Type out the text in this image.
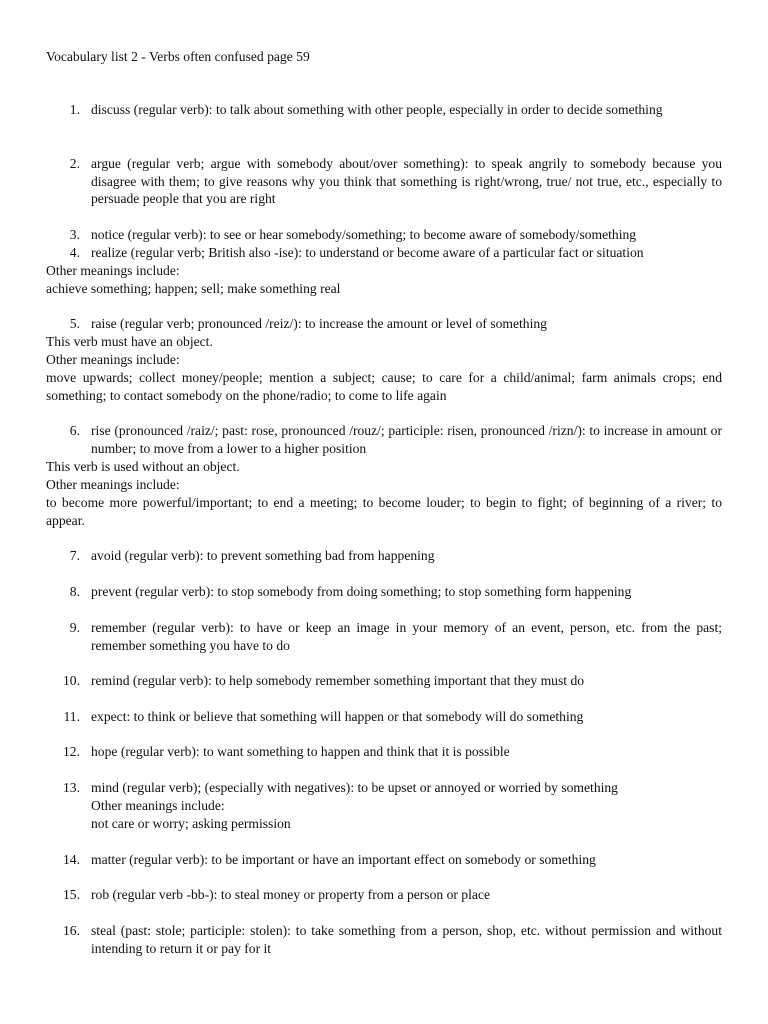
Vocabulary list 2 - Verbs often confused page 59
1. discuss (regular verb): to talk about something with other people, especially in order to decide something
2. argue (regular verb; argue with somebody about/over something): to speak angrily to somebody because you disagree with them; to give reasons why you think that something is right/wrong, true/ not true, etc., especially to persuade people that you are right
3. notice (regular verb): to see or hear somebody/something; to become aware of somebody/something
4. realize (regular verb; British also -ise): to understand or become aware of a particular fact or situation
Other meanings include:
achieve something; happen; sell; make something real
5. raise (regular verb; pronounced /reiz/): to increase the amount or level of something
This verb must have an object.
Other meanings include:
move upwards; collect money/people; mention a subject; cause; to care for a child/animal; farm animals crops; end something; to contact somebody on the phone/radio; to come to life again
6. rise (pronounced /raiz/; past: rose, pronounced /rouz/; participle: risen, pronounced /rizn/): to increase in amount or number; to move from a lower to a higher position
This verb is used without an object.
Other meanings include:
to become more powerful/important; to end a meeting; to become louder; to begin to fight; of beginning of a river; to appear.
7. avoid (regular verb): to prevent something bad from happening
8. prevent (regular verb): to stop somebody from doing something; to stop something form happening
9. remember (regular verb): to have or keep an image in your memory of an event, person, etc. from the past; remember something you have to do
10. remind (regular verb): to help somebody remember something important that they must do
11. expect: to think or believe that something will happen or that somebody will do something
12. hope (regular verb): to want something to happen and think that it is possible
13. mind (regular verb); (especially with negatives): to be upset or annoyed or worried by something
Other meanings include:
not care or worry; asking permission
14. matter (regular verb): to be important or have an important effect on somebody or something
15. rob (regular verb -bb-): to steal money or property from a person or place
16. steal (past: stole; participle: stolen): to take something from a person, shop, etc. without permission and without intending to return it or pay for it
